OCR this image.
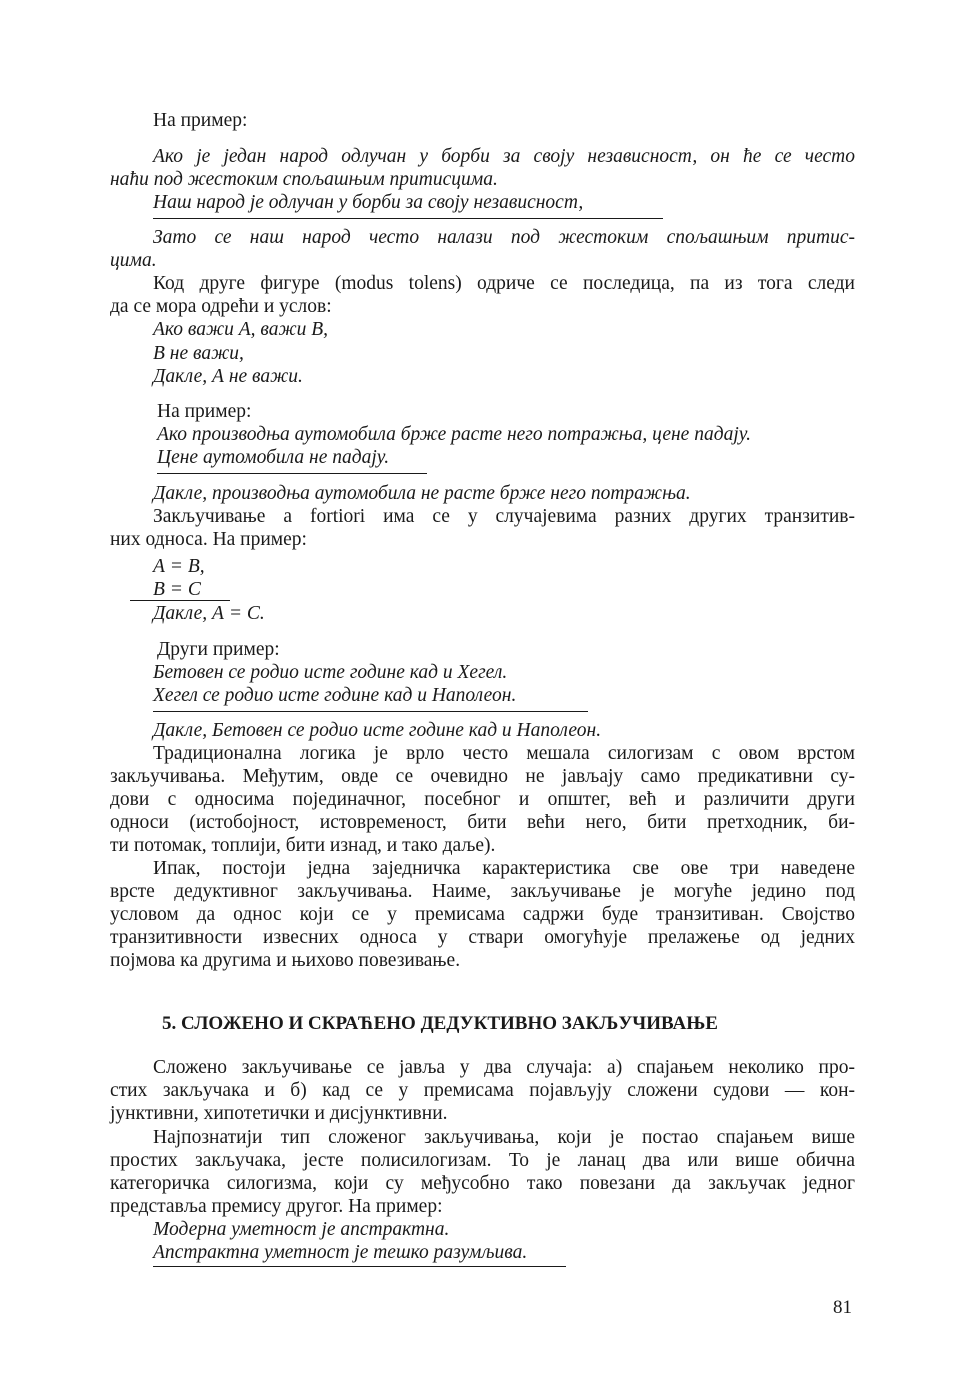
На пример:
Ако је један народ одлучан у борби за своју независност, он ће се често
наћи под жестоким спољашњим притисцима.
Наш народ је одлучан у борби за своју независност,
Зато се наш народ често налази под жестоким спољашњим притис-
цима.
Код друге фигуре (modus tolens) одриче се последица, па из тога следи
да се мора одрећи и услов:
Ако важи А, важи В,
В не важи,
Дакле, А не важи.
На пример:
Ако производња аутомобила брже расте него потражња, цене падају.
Цене аутомобила не падају.
Дакле, производња аутомобила не расте брже него потражња.
Закључивање a fortiori има се у случајевима разних других транзитив-
них односа. На пример:
А = В,
В = С
Дакле, А = С.
Други пример:
Бетовен се родио исте године кад и Хегел.
Хегел се родио исте године кад и Наполеон.
Дакле, Бетовен се родио исте године кад и Наполеон.
Традиционална логика је врло често мешала силогизам с овом врстом
закључивања. Међутим, овде се очевидно не јављају само предикативни су-
дови с односима појединачног, посебног и општег, већ и различити други
односи (истобојност, истовременост, бити већи него, бити претходник, би-
ти потомак, топлији, бити изнад, и тако даље).
Ипак, постоји једна заједничка карактеристика све ове три наведене
врсте дедуктивног закључивања. Наиме, закључивање је могуће једино под
условом да однос који се у премисама садржи буде транзитиван. Својство
транзитивности извесних односа у ствари омогућује прелажење од једних
појмова ка другима и њихово повезивање.
5. СЛОЖЕНО И СКРАЋЕНО ДЕДУКТИВНО ЗАКЉУЧИВАЊЕ
Сложено закључивање се јавља у два случаја: а) спајањем неколико про-
стих закључака и б) кад се у премисама појављују сложени судови — кон-
јунктивни, хипотетички и дисјунктивни.
Најпознатији тип сложеног закључивања, који је постао спајањем више
простих закључака, јесте полисилогизам. То је ланац два или више обична
категоричка силогизма, који су међусобно тако повезани да закључак једног
представља премису другог. На пример:
Модерна уметност је апстрактна.
Апстрактна уметност је тешко разумљива.
81
